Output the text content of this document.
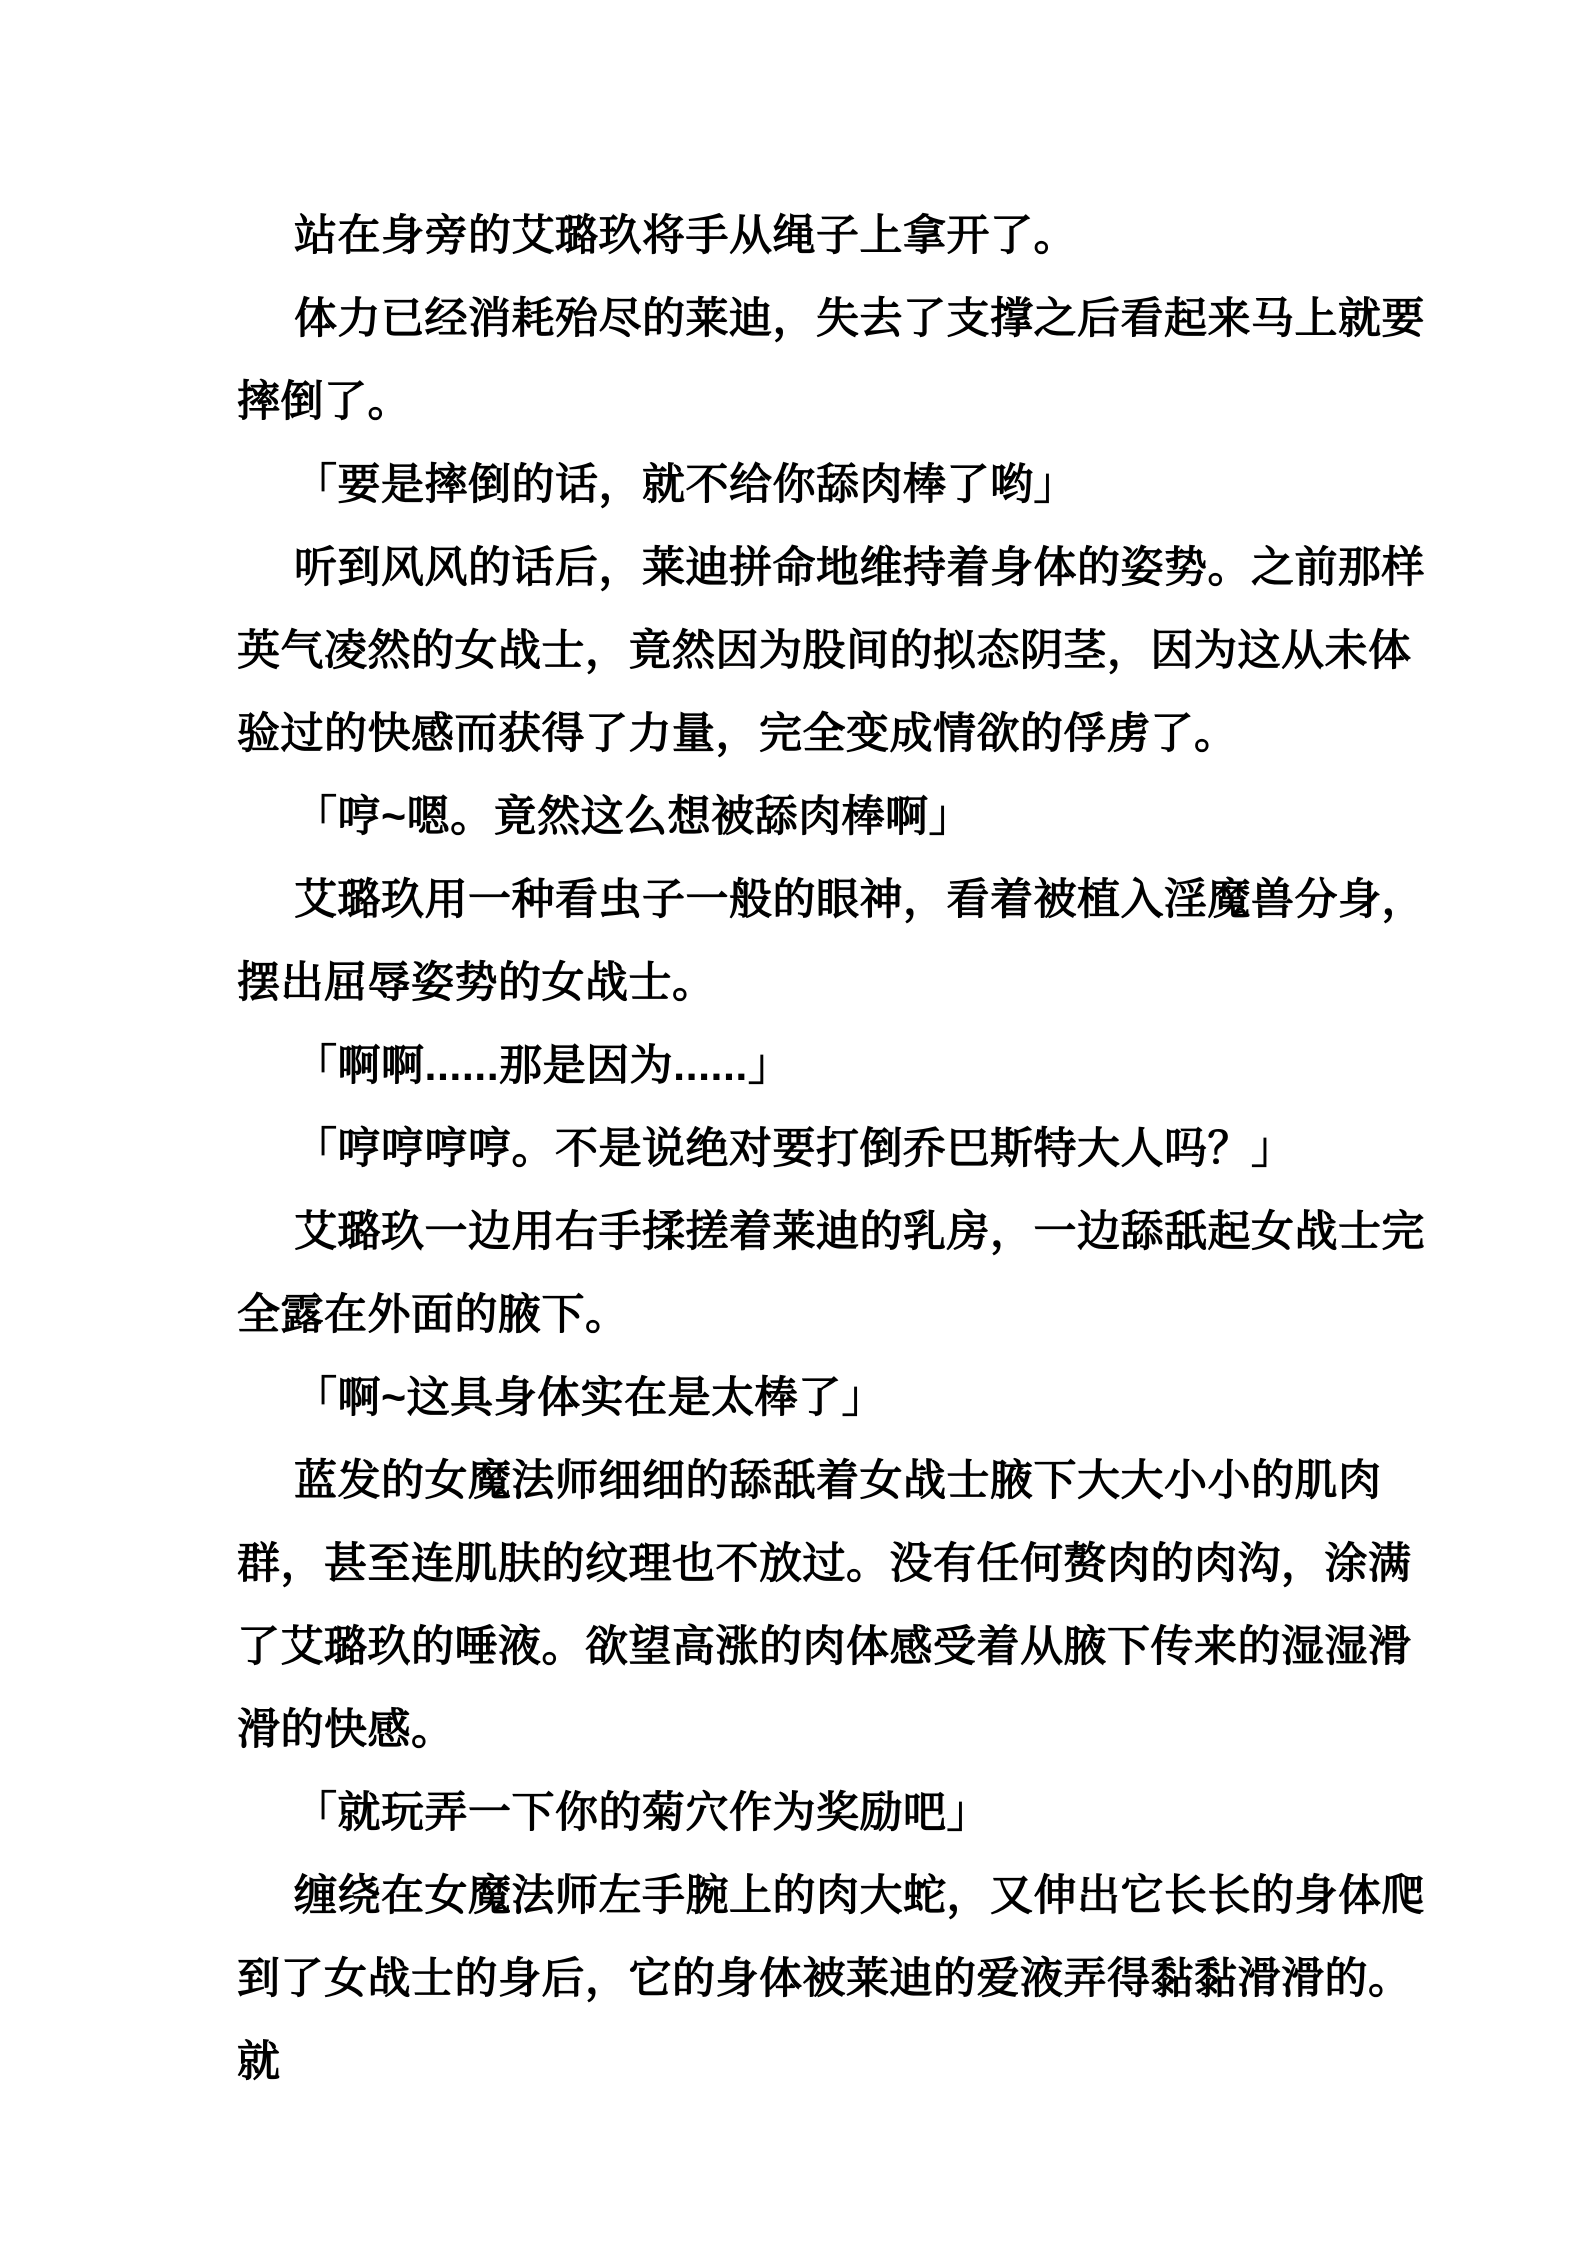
站在身旁的艾璐玖将手从绳子上拿开了。

体力已经消耗殆尽的莱迪，失去了支撑之后看起来马上就要摔倒了。

「要是摔倒的话，就不给你舔肉棒了哟」

听到风风的话后，莱迪拼命地维持着身体的姿势。之前那样英气凌然的女战士，竟然因为股间的拟态阴茎，因为这从未体验过的快感而获得了力量，完全变成情欲的俘虏了。

「哼~嗯。竟然这么想被舔肉棒啊」

艾璐玖用一种看虫子一般的眼神，看着被植入淫魔兽分身，摆出屈辱姿势的女战士。

「啊啊......那是因为......」

「哼哼哼哼。不是说绝对要打倒乔巴斯特大人吗？」

艾璐玖一边用右手揉搓着莱迪的乳房，一边舔舐起女战士完全露在外面的腋下。

「啊~这具身体实在是太棒了」

蓝发的女魔法师细细的舔舐着女战士腋下大大小小的肌肉群，甚至连肌肤的纹理也不放过。没有任何赘肉的肉沟，涂满了艾璐玖的唾液。欲望高涨的肉体感受着从腋下传来的湿湿滑滑的快感。

「就玩弄一下你的菊穴作为奖励吧」

缠绕在女魔法师左手腕上的肉大蛇，又伸出它长长的身体爬到了女战士的身后，它的身体被莱迪的爱液弄得黏黏滑滑的。就
